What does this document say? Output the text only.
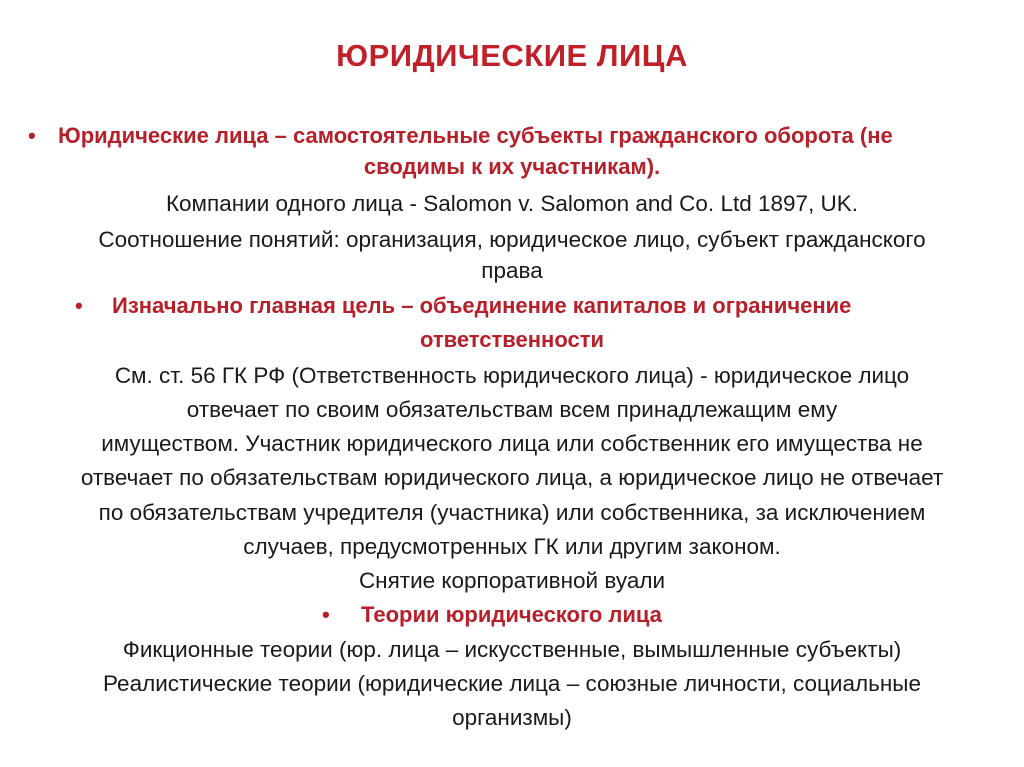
ЮРИДИЧЕСКИЕ ЛИЦА
• Юридические лица – самостоятельные субъекты гражданского оборота (не
сводимы к их участникам).
Компании одного лица - Salomon v. Salomon and Co. Ltd 1897, UK.
Соотношение понятий: организация, юридическое лицо, субъект гражданского
права
• Изначально главная цель – объединение капиталов и ограничение
ответственности
См. ст. 56 ГК РФ (Ответственность юридического лица) - юридическое лицо
отвечает по своим обязательствам всем принадлежащим ему
имуществом. Участник юридического лица или собственник его имущества не
отвечает по обязательствам юридического лица, а юридическое лицо не отвечает
по обязательствам учредителя (участника) или собственника, за исключением
случаев, предусмотренных ГК или другим законом.
Снятие корпоративной вуали
• Теории юридического лица
Фикционные теории (юр. лица – искусственные, вымышленные субъекты)
Реалистические теории (юридические лица – союзные личности, социальные
организмы)
